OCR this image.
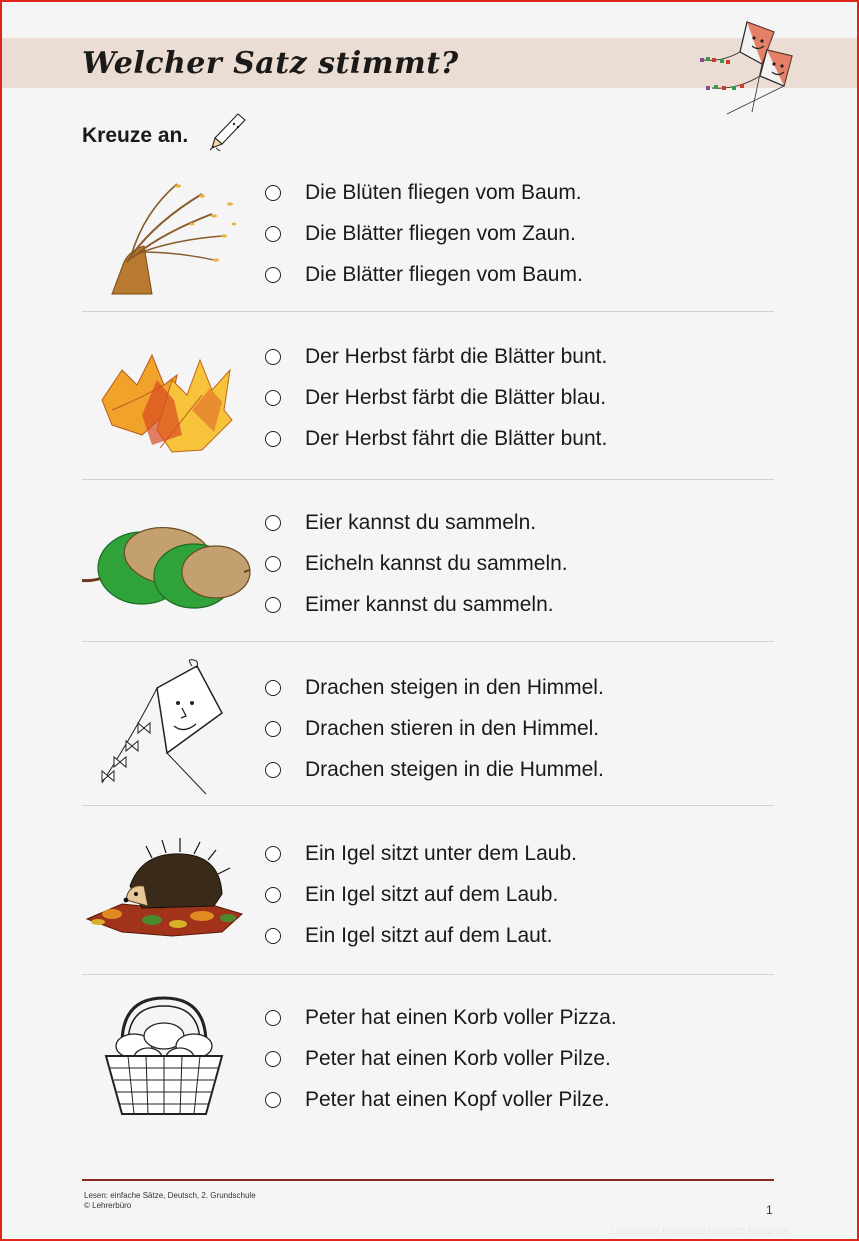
Welcher Satz stimmt?
Kreuze an.
Die Blüten fliegen vom Baum.
Die Blätter fliegen vom Zaun.
Die Blätter fliegen vom Baum.
Der Herbst färbt die Blätter bunt.
Der Herbst färbt die Blätter blau.
Der Herbst fährt die Blätter bunt.
Eier kannst du sammeln.
Eicheln kannst du sammeln.
Eimer kannst du sammeln.
Drachen steigen in den Himmel.
Drachen stieren in den Himmel.
Drachen steigen in die Hummel.
Ein Igel sitzt unter dem Laub.
Ein Igel sitzt auf dem Laub.
Ein Igel sitzt auf dem Laut.
Peter hat einen Korb voller Pizza.
Peter hat einen Korb voller Pilze.
Peter hat einen Kopf voller Pilze.
Lesen: einfache Sätze, Deutsch, 2. Grundschule
© Lehrerbüro	1
Lebenslauf Kostenlos Deutsch Beispiele
